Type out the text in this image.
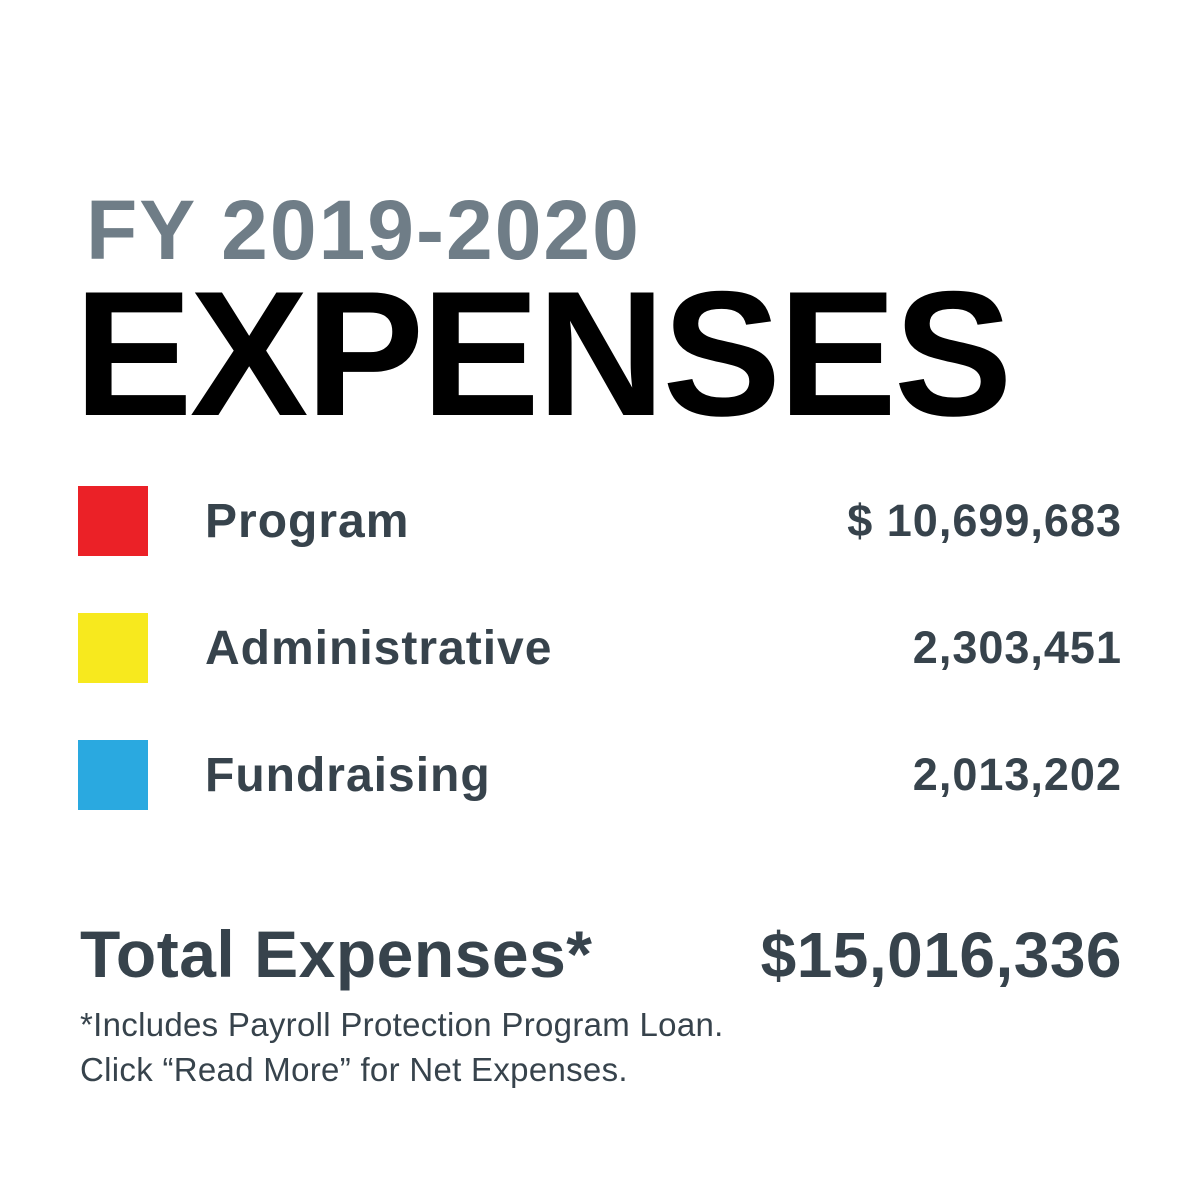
FY 2019-2020
EXPENSES
Program	$ 10,699,683
Administrative	2,303,451
Fundraising	2,013,202
Total Expenses*	$15,016,336
*Includes Payroll Protection Program Loan.
Click “Read More” for Net Expenses.
